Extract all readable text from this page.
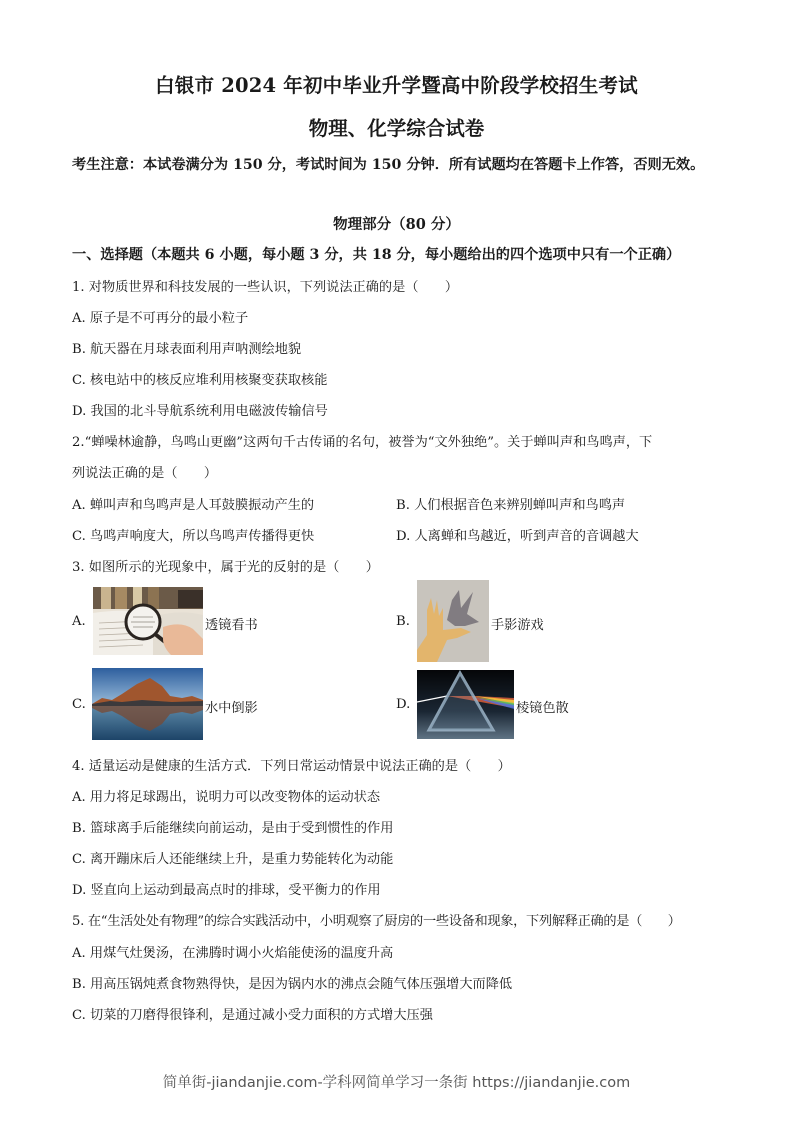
白银市 2024 年初中毕业升学暨高中阶段学校招生考试
物理、化学综合试卷
考生注意：本试卷满分为 150 分，考试时间为 150 分钟．所有试题均在答题卡上作答，否则无效。
物理部分（80 分）
一、选择题（本题共 6 小题，每小题 3 分，共 18 分，每小题给出的四个选项中只有一个正确）
1. 对物质世界和科技发展的一些认识，下列说法正确的是（　　）
A. 原子是不可再分的最小粒子
B. 航天器在月球表面利用声呐测绘地貌
C. 核电站中的核反应堆利用核聚变获取核能
D. 我国的北斗导航系统利用电磁波传输信号
2.“蝉噪林逾静，鸟鸣山更幽”这两句千古传诵的名句，被誉为“文外独绝”。关于蝉叫声和鸟鸣声，下
列说法正确的是（　　）
A. 蝉叫声和鸟鸣声是人耳鼓膜振动产生的	B. 人们根据音色来辨别蝉叫声和鸟鸣声
C. 鸟鸣声响度大，所以鸟鸣声传播得更快	D. 人离蝉和鸟越近，听到声音的音调越大
3. 如图所示的光现象中，属于光的反射的是（　　）
A.	透镜看书	B.	手影游戏
C.	水中倒影	D.	棱镜色散
4. 适量运动是健康的生活方式．下列日常运动情景中说法正确的是（　　）
A. 用力将足球踢出，说明力可以改变物体的运动状态
B. 篮球离手后能继续向前运动，是由于受到惯性的作用
C. 离开蹦床后人还能继续上升，是重力势能转化为动能
D. 竖直向上运动到最高点时的排球，受平衡力的作用
5. 在“生活处处有物理”的综合实践活动中，小明观察了厨房的一些设备和现象，下列解释正确的是（　　）
A. 用煤气灶煲汤，在沸腾时调小火焰能使汤的温度升高
B. 用高压锅炖煮食物熟得快，是因为锅内水的沸点会随气体压强增大而降低
C. 切菜的刀磨得很锋利，是通过减小受力面积的方式增大压强
简单街-jiandanjie.com-学科网简单学习一条街 https://jiandanjie.com
